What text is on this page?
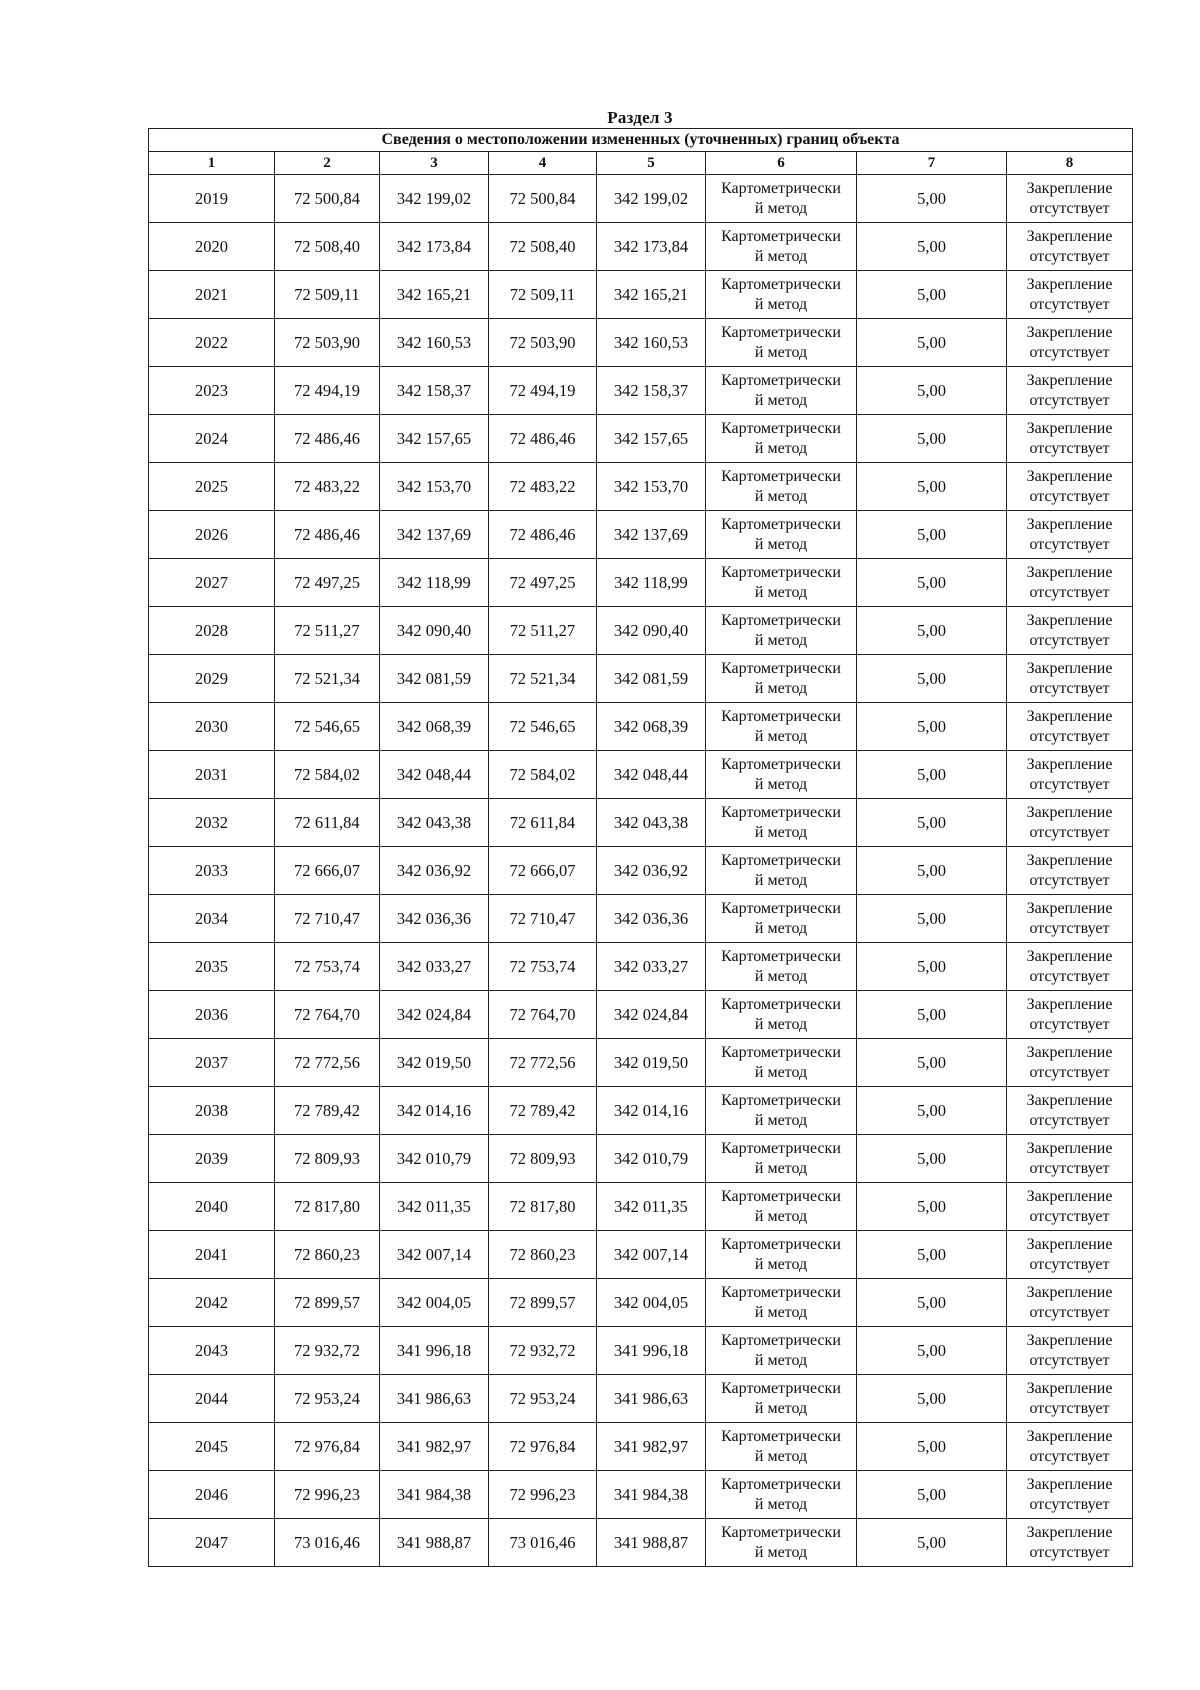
Раздел 3
Сведения о местоположении измененных (уточненных) границ объекта							
1	2	3	4	5	6	7	8
2019	72 500,84	342 199,02	72 500,84	342 199,02	Картометрически
й метод	5,00	Закрепление
отсутствует

2020	72 508,40	342 173,84	72 508,40	342 173,84	Картометрически
й метод	5,00	Закрепление
отсутствует

2021	72 509,11	342 165,21	72 509,11	342 165,21	Картометрически
й метод	5,00	Закрепление
отсутствует

2022	72 503,90	342 160,53	72 503,90	342 160,53	Картометрически
й метод	5,00	Закрепление
отсутствует

2023	72 494,19	342 158,37	72 494,19	342 158,37	Картометрически
й метод	5,00	Закрепление
отсутствует

2024	72 486,46	342 157,65	72 486,46	342 157,65	Картометрически
й метод	5,00	Закрепление
отсутствует

2025	72 483,22	342 153,70	72 483,22	342 153,70	Картометрически
й метод	5,00	Закрепление
отсутствует

2026	72 486,46	342 137,69	72 486,46	342 137,69	Картометрически
й метод	5,00	Закрепление
отсутствует

2027	72 497,25	342 118,99	72 497,25	342 118,99	Картометрически
й метод	5,00	Закрепление
отсутствует

2028	72 511,27	342 090,40	72 511,27	342 090,40	Картометрически
й метод	5,00	Закрепление
отсутствует

2029	72 521,34	342 081,59	72 521,34	342 081,59	Картометрически
й метод	5,00	Закрепление
отсутствует

2030	72 546,65	342 068,39	72 546,65	342 068,39	Картометрически
й метод	5,00	Закрепление
отсутствует

2031	72 584,02	342 048,44	72 584,02	342 048,44	Картометрически
й метод	5,00	Закрепление
отсутствует

2032	72 611,84	342 043,38	72 611,84	342 043,38	Картометрически
й метод	5,00	Закрепление
отсутствует

2033	72 666,07	342 036,92	72 666,07	342 036,92	Картометрически
й метод	5,00	Закрепление
отсутствует

2034	72 710,47	342 036,36	72 710,47	342 036,36	Картометрически
й метод	5,00	Закрепление
отсутствует

2035	72 753,74	342 033,27	72 753,74	342 033,27	Картометрически
й метод	5,00	Закрепление
отсутствует

2036	72 764,70	342 024,84	72 764,70	342 024,84	Картометрически
й метод	5,00	Закрепление
отсутствует

2037	72 772,56	342 019,50	72 772,56	342 019,50	Картометрически
й метод	5,00	Закрепление
отсутствует

2038	72 789,42	342 014,16	72 789,42	342 014,16	Картометрически
й метод	5,00	Закрепление
отсутствует

2039	72 809,93	342 010,79	72 809,93	342 010,79	Картометрически
й метод	5,00	Закрепление
отсутствует

2040	72 817,80	342 011,35	72 817,80	342 011,35	Картометрически
й метод	5,00	Закрепление
отсутствует

2041	72 860,23	342 007,14	72 860,23	342 007,14	Картометрически
й метод	5,00	Закрепление
отсутствует

2042	72 899,57	342 004,05	72 899,57	342 004,05	Картометрически
й метод	5,00	Закрепление
отсутствует

2043	72 932,72	341 996,18	72 932,72	341 996,18	Картометрически
й метод	5,00	Закрепление
отсутствует

2044	72 953,24	341 986,63	72 953,24	341 986,63	Картометрически
й метод	5,00	Закрепление
отсутствует

2045	72 976,84	341 982,97	72 976,84	341 982,97	Картометрически
й метод	5,00	Закрепление
отсутствует

2046	72 996,23	341 984,38	72 996,23	341 984,38	Картометрически
й метод	5,00	Закрепление
отсутствует

2047	73 016,46	341 988,87	73 016,46	341 988,87	Картометрически
й метод	5,00	Закрепление
отсутствует
